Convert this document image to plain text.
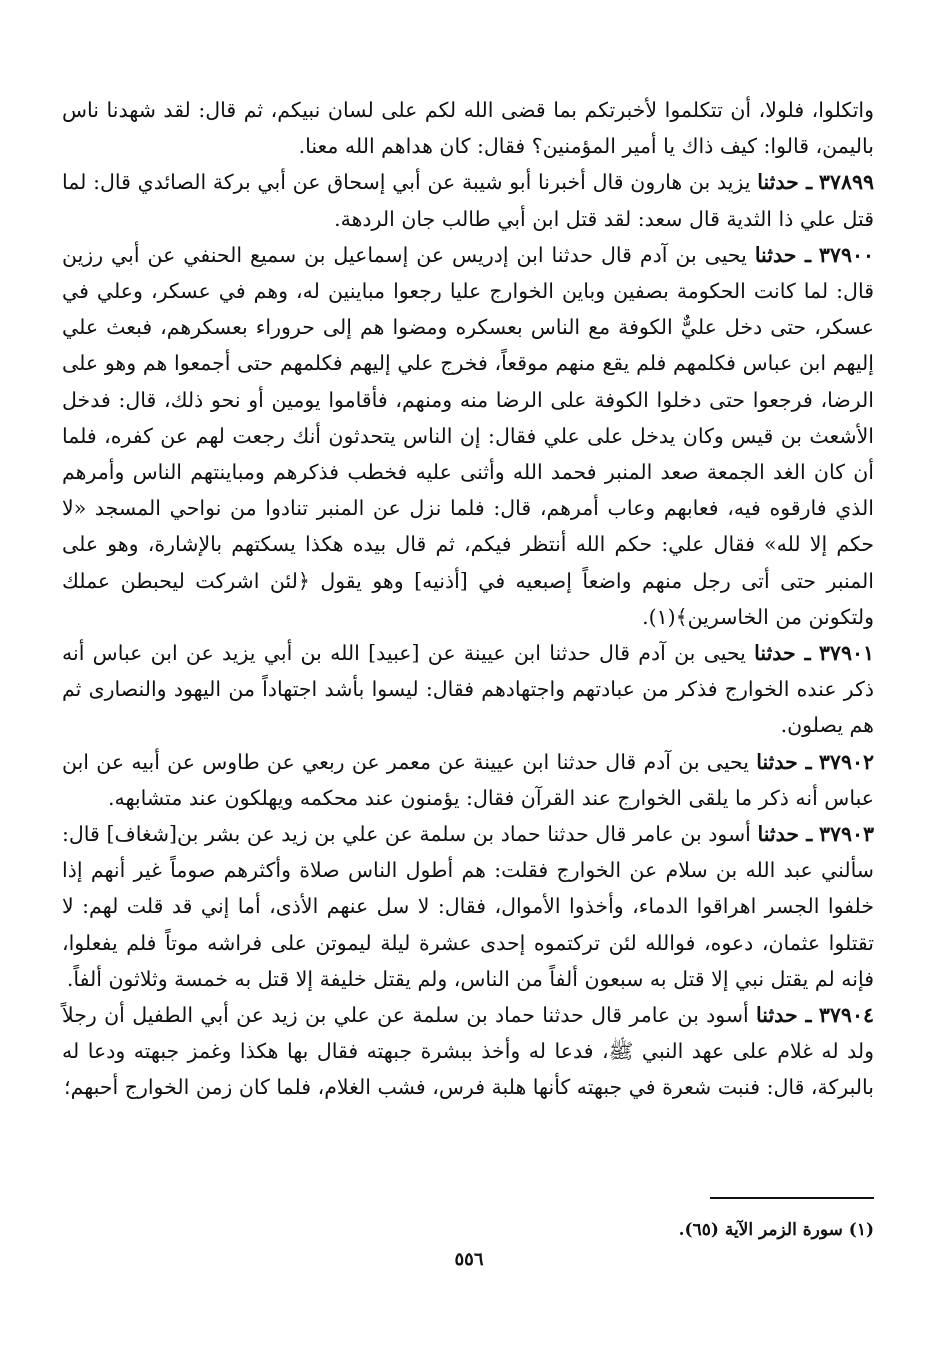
واتكلوا، فلولا، أن تتكلموا لأخبرتكم بما قضى الله لكم على لسان نبيكم، ثم قال: لقد شهدنا ناس باليمن، قالوا: كيف ذاك يا أمير المؤمنين؟ فقال: كان هداهم الله معنا.

٣٧٨٩٩ ـ حدثنا يزيد بن هارون قال أخبرنا أبو شيبة عن أبي إسحاق عن أبي بركة الصائدي قال: لما قتل علي ذا الثدية قال سعد: لقد قتل ابن أبي طالب جان الردهة.

٣٧٩٠٠ ـ حدثنا يحيى بن آدم قال حدثنا ابن إدريس عن إسماعيل بن سميع الحنفي عن أبي رزين قال: لما كانت الحكومة بصفين وباين الخوارج عليا رجعوا مباينين له، وهم في عسكر، وعلي في عسكر، حتى دخل عليٌّ الكوفة مع الناس بعسكره ومضوا هم إلى حروراء بعسكرهم، فبعث علي إليهم ابن عباس فكلمهم فلم يقع منهم موقعاً، فخرج علي إليهم فكلمهم حتى أجمعوا هم وهو على الرضا، فرجعوا حتى دخلوا الكوفة على الرضا منه ومنهم، فأقاموا يومين أو نحو ذلك، قال: فدخل الأشعث بن قيس وكان يدخل على علي فقال: إن الناس يتحدثون أنك رجعت لهم عن كفره، فلما أن كان الغد الجمعة صعد المنبر فحمد الله وأثنى عليه فخطب فذكرهم ومباينتهم الناس وأمرهم الذي فارقوه فيه، فعابهم وعاب أمرهم، قال: فلما نزل عن المنبر تنادوا من نواحي المسجد «لا حكم إلا لله» فقال علي: حكم الله أنتظر فيكم، ثم قال بيده هكذا يسكتهم بالإشارة، وهو على المنبر حتى أتى رجل منهم واضعاً إصبعيه في [أذنيه] وهو يقول ﴿لئن اشركت ليحبطن عملك ولتكونن من الخاسرين﴾(١).

٣٧٩٠١ ـ حدثنا يحيى بن آدم قال حدثنا ابن عيينة عن [عبيد] الله بن أبي يزيد عن ابن عباس أنه ذكر عنده الخوارج فذكر من عبادتهم واجتهادهم فقال: ليسوا بأشد اجتهاداً من اليهود والنصارى ثم هم يصلون.

٣٧٩٠٢ ـ حدثنا يحيى بن آدم قال حدثنا ابن عيينة عن معمر عن ربعي عن طاوس عن أبيه عن ابن عباس أنه ذكر ما يلقى الخوارج عند القرآن فقال: يؤمنون عند محكمه ويهلكون عند متشابهه.

٣٧٩٠٣ ـ حدثنا أسود بن عامر قال حدثنا حماد بن سلمة عن علي بن زيد عن بشر بن[شغاف] قال: سألني عبد الله بن سلام عن الخوارج فقلت: هم أطول الناس صلاة وأكثرهم صوماً غير أنهم إذا خلفوا الجسر اهراقوا الدماء، وأخذوا الأموال، فقال: لا سل عنهم الأذى، أما إني قد قلت لهم: لا تقتلوا عثمان، دعوه، فوالله لئن تركتموه إحدى عشرة ليلة ليموتن على فراشه موتاً فلم يفعلوا، فإنه لم يقتل نبي إلا قتل به سبعون ألفاً من الناس، ولم يقتل خليفة إلا قتل به خمسة وثلاثون ألفاً.

٣٧٩٠٤ ـ حدثنا أسود بن عامر قال حدثنا حماد بن سلمة عن علي بن زيد عن أبي الطفيل أن رجلاً ولد له غلام على عهد النبي ﷺ، فدعا له وأخذ ببشرة جبهته فقال بها هكذا وغمز جبهته ودعا له بالبركة، قال: فنبت شعرة في جبهته كأنها هلبة فرس، فشب الغلام، فلما كان زمن الخوارج أحبهم؛

(١) سورة الزمر الآية (٦٥).
٥٥٦
